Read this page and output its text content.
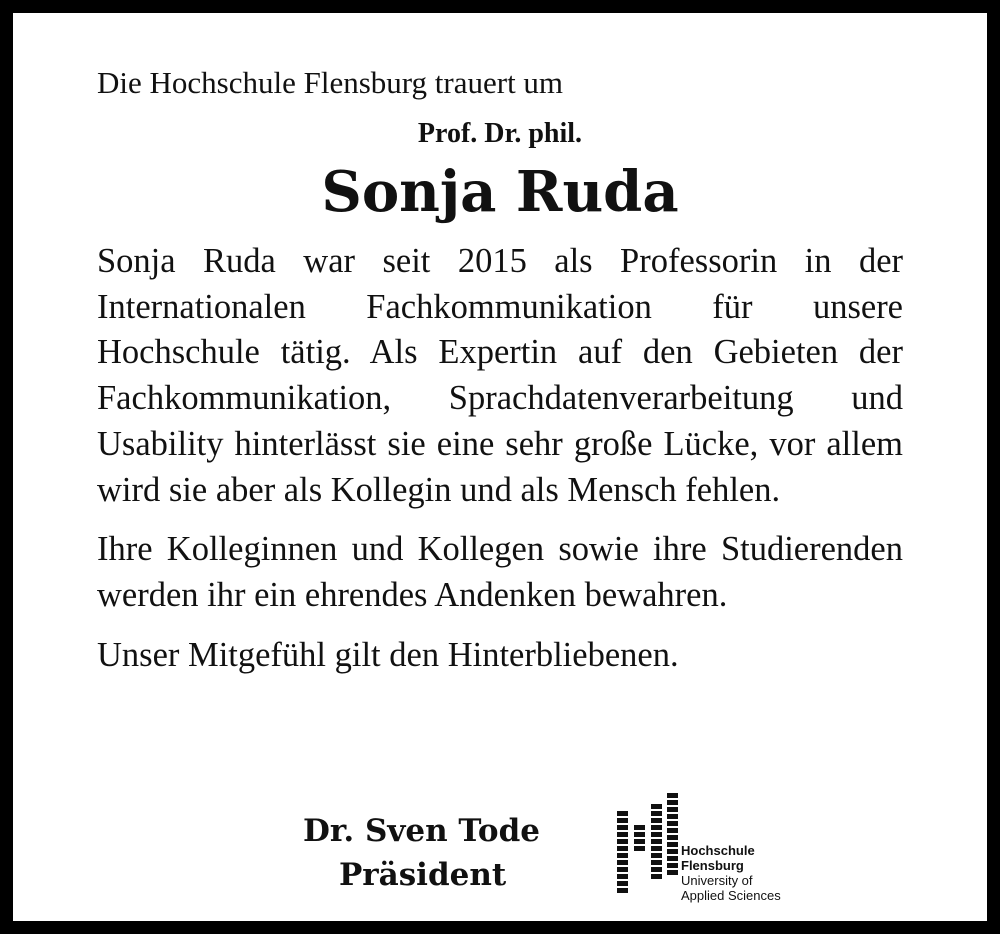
Die Hochschule Flensburg trauert um

Prof. Dr. phil.

Sonja Ruda

Sonja Ruda war seit 2015 als Professorin in der Internationalen Fachkommunikation für unsere Hochschule tätig. Als Expertin auf den Gebieten der Fachkommunikation, Sprachdatenverarbeitung und Usability hinterlässt sie eine sehr große Lücke, vor allem wird sie aber als Kollegin und als Mensch fehlen.

Ihre Kolleginnen und Kollegen sowie ihre Studierenden werden ihr ein ehrendes Andenken bewahren.

Unser Mitgefühl gilt den Hinterbliebenen.

Dr. Sven Tode
Präsident
Hochschule
Flensburg
University of
Applied Sciences
